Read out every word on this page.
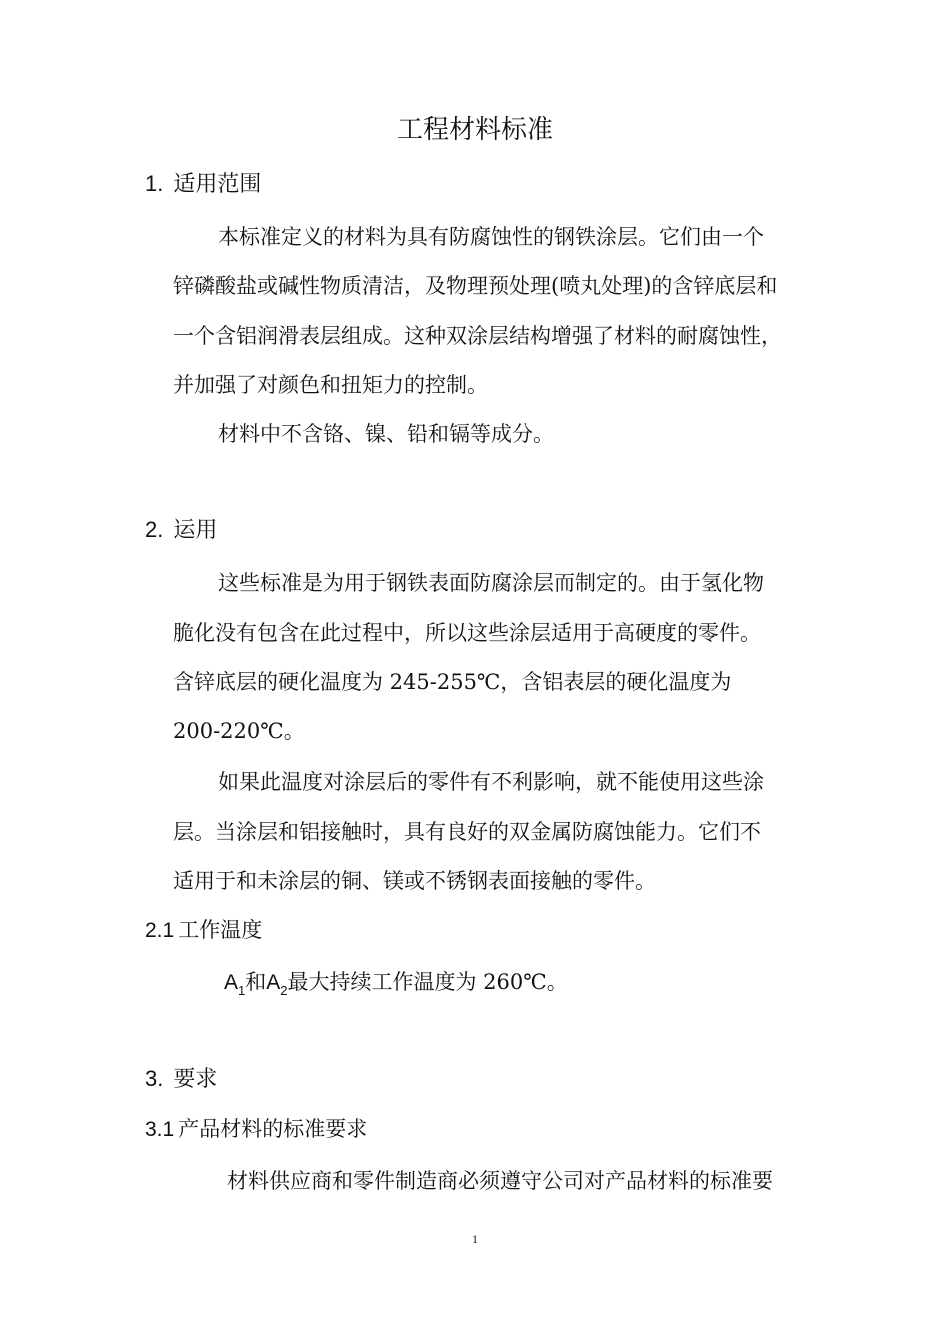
工程材料标准
1. 适用范围
本标准定义的材料为具有防腐蚀性的钢铁涂层。它们由一个
锌磷酸盐或碱性物质清洁，及物理预处理(喷丸处理)的含锌底层和
一个含铝润滑表层组成。这种双涂层结构增强了材料的耐腐蚀性，
并加强了对颜色和扭矩力的控制。
材料中不含铬、镍、铅和镉等成分。
2. 运用
这些标准是为用于钢铁表面防腐涂层而制定的。由于氢化物
脆化没有包含在此过程中，所以这些涂层适用于高硬度的零件。
含锌底层的硬化温度为 245-255℃，含铝表层的硬化温度为
200-220℃。
如果此温度对涂层后的零件有不利影响，就不能使用这些涂
层。当涂层和铝接触时，具有良好的双金属防腐蚀能力。它们不
适用于和未涂层的铜、镁或不锈钢表面接触的零件。
2.1 工作温度
$A_1$和$A_2$最大持续工作温度为 260℃。
3. 要求
3.1 产品材料的标准要求
材料供应商和零件制造商必须遵守公司对产品材料的标准要
1
